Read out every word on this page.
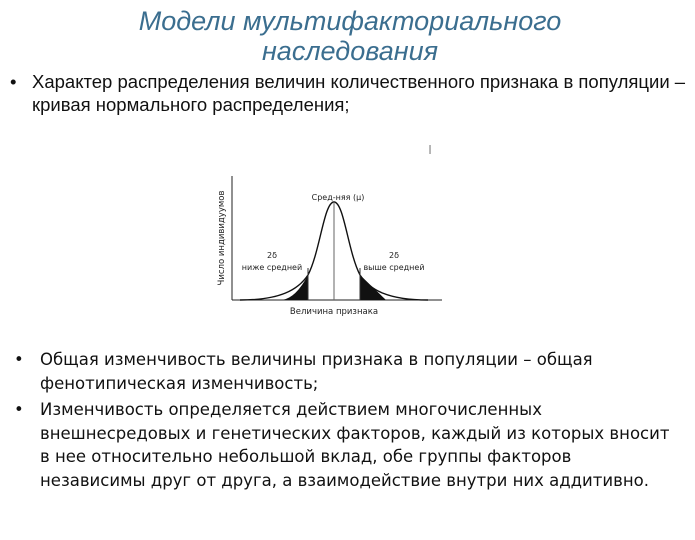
Модели мультифакториального наследования
• Характер распределения величин количественного признака в популяции – кривая нормального распределения;
Число индивидуумов
Величина признака
Сред-няя (μ)
2δ
ниже средней
2δ
выше средней
|
• Общая изменчивость величины признака в популяции – общая фенотипическая изменчивость;
• Изменчивость определяется действием многочисленных внешнесредовых и генетических факторов, каждый из которых вносит в нее относительно небольшой вклад, обе группы факторов независимы друг от друга, а взаимодействие внутри них аддитивно.
